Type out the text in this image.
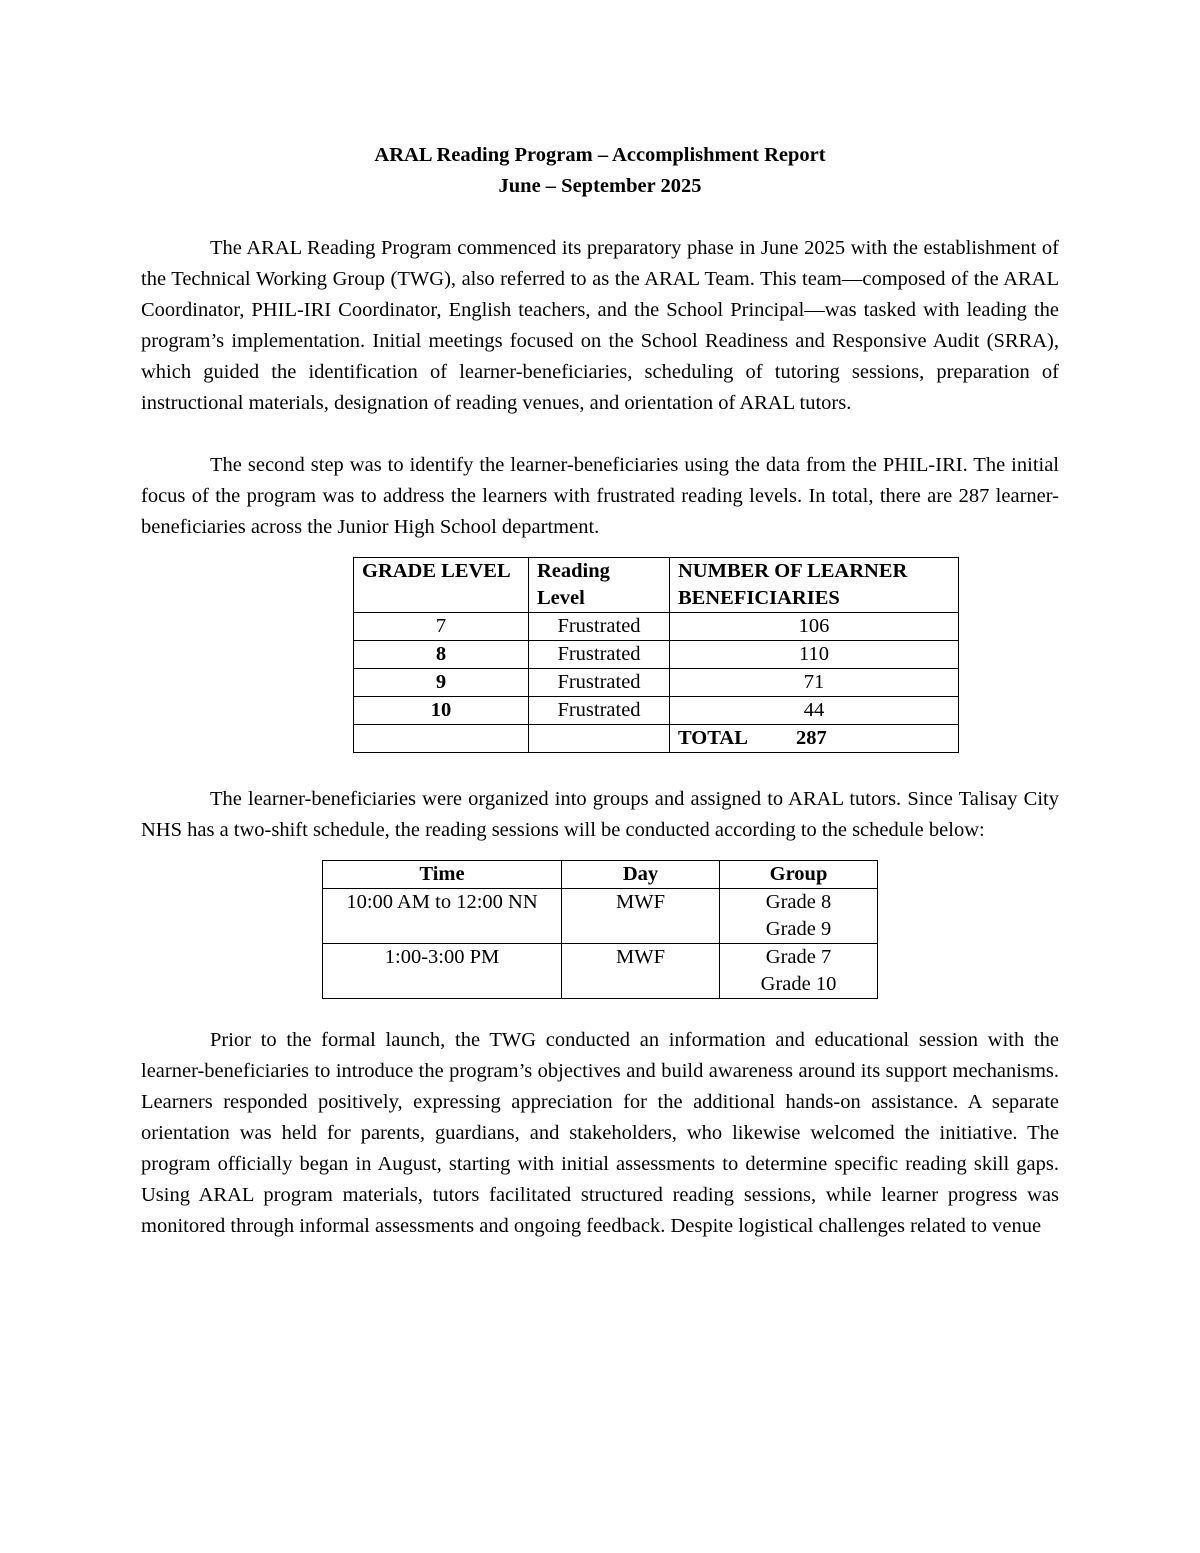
ARAL Reading Program – Accomplishment Report

June – September 2025

The ARAL Reading Program commenced its preparatory phase in June 2025 with the establishment of the Technical Working Group (TWG), also referred to as the ARAL Team. This team—composed of the ARAL Coordinator, PHIL-IRI Coordinator, English teachers, and the School Principal—was tasked with leading the program’s implementation. Initial meetings focused on the School Readiness and Responsive Audit (SRRA), which guided the identification of learner-beneficiaries, scheduling of tutoring sessions, preparation of instructional materials, designation of reading venues, and orientation of ARAL tutors.

The second step was to identify the learner-beneficiaries using the data from the PHIL-IRI. The initial focus of the program was to address the learners with frustrated reading levels. In total, there are 287 learner-beneficiaries across the Junior High School department.

GRADE LEVEL	Reading Level	NUMBER OF LEARNER BENEFICIARIES
7	Frustrated	106
8	Frustrated	110
9	Frustrated	71
10	Frustrated	44
		TOTAL 287

The learner-beneficiaries were organized into groups and assigned to ARAL tutors. Since Talisay City NHS has a two-shift schedule, the reading sessions will be conducted according to the schedule below:

Time	Day	Group
10:00 AM to 12:00 NN	MWF	Grade 8
Grade 9

1:00-3:00 PM	MWF	Grade 7
Grade 10

Prior to the formal launch, the TWG conducted an information and educational session with the learner-beneficiaries to introduce the program’s objectives and build awareness around its support mechanisms. Learners responded positively, expressing appreciation for the additional hands-on assistance. A separate orientation was held for parents, guardians, and stakeholders, who likewise welcomed the initiative. The program officially began in August, starting with initial assessments to determine specific reading skill gaps. Using ARAL program materials, tutors facilitated structured reading sessions, while learner progress was monitored through informal assessments and ongoing feedback. Despite logistical challenges related to venue
